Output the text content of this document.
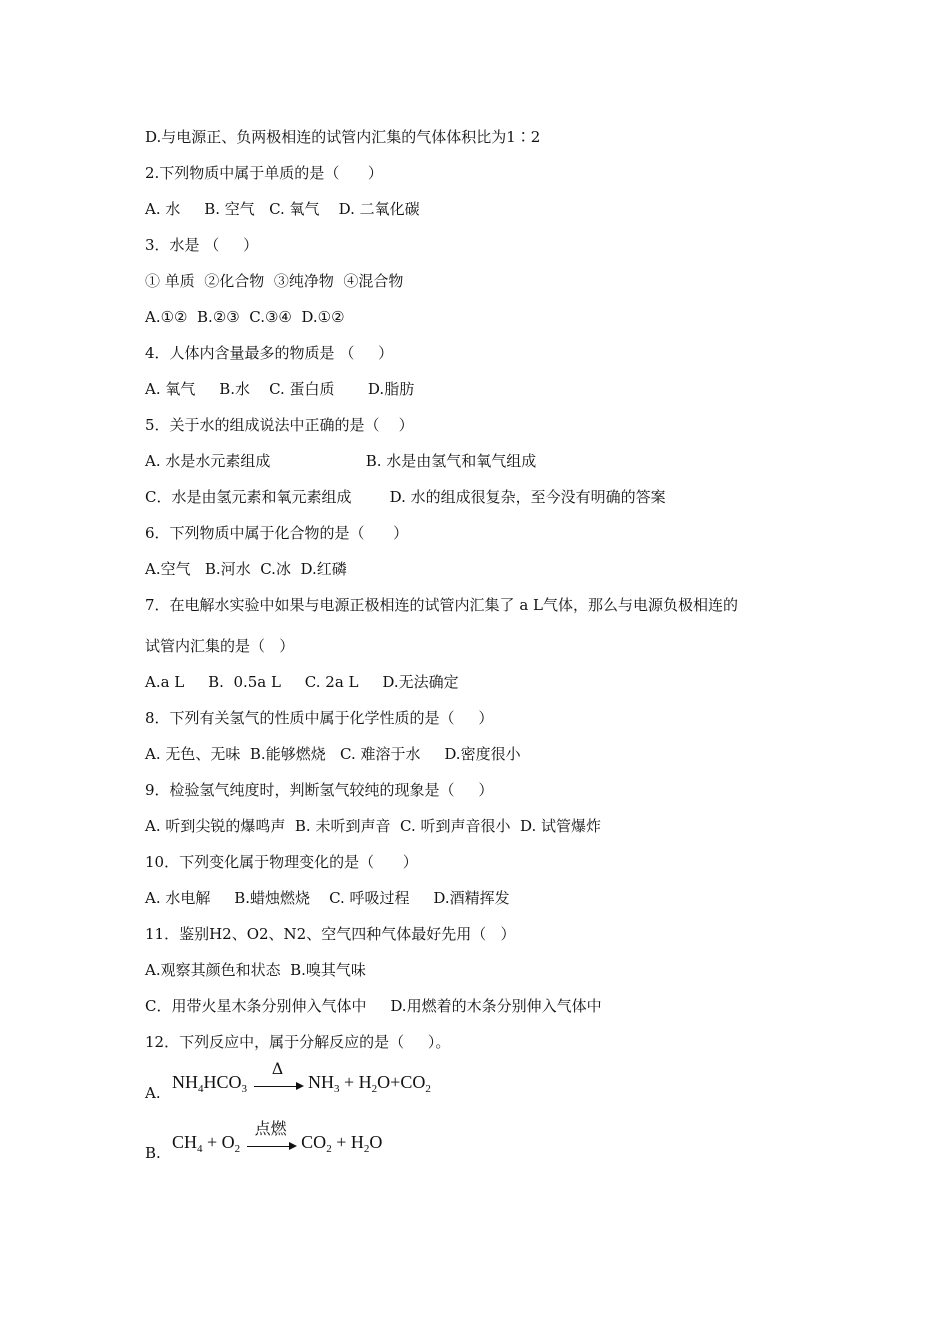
D.与电源正、负两极相连的试管内汇集的气体体积比为1∶2
2.下列物质中属于单质的是（      ）
A. 水     B. 空气   C. 氧气    D. 二氧化碳
3．水是 （     ）
① 单质  ②化合物  ③纯净物  ④混合物
A.①②  B.②③  C.③④  D.①②
4．人体内含量最多的物质是 （     ）
A. 氧气     B.水    C. 蛋白质       D.脂肪
5．关于水的组成说法中正确的是（    ）
A. 水是水元素组成                    B. 水是由氢气和氧气组成
C．水是由氢元素和氧元素组成        D. 水的组成很复杂，至今没有明确的答案
6．下列物质中属于化合物的是（      ）
A.空气   B.河水  C.冰  D.红磷
7．在电解水实验中如果与电源正极相连的试管内汇集了 a L气体，那么与电源负极相连的
试管内汇集的是（   ）
A.a L     B.  0.5a L     C. 2a L     D.无法确定
8．下列有关氢气的性质中属于化学性质的是（     ）
A. 无色、无味  B.能够燃烧   C. 难溶于水     D.密度很小
9．检验氢气纯度时，判断氢气较纯的现象是（     ）
A. 听到尖锐的爆鸣声  B. 未听到声音  C. 听到声音很小  D. 试管爆炸
10．下列变化属于物理变化的是（      ）
A. 水电解     B.蜡烛燃烧    C. 呼吸过程     D.酒精挥发
11．鉴别H2、O2、N2、空气四种气体最好先用（   ）
A.观察其颜色和状态  B.嗅其气味
C．用带火星木条分别伸入气体中     D.用燃着的木条分别伸入气体中
12．下列反应中，属于分解反应的是（     ）。
A.
$NH_4HCO_3$
Δ
$NH_3 + H_2O+CO_2$
B.
$CH_4 + O_2$
点燃
$CO_2 + H_2O$
